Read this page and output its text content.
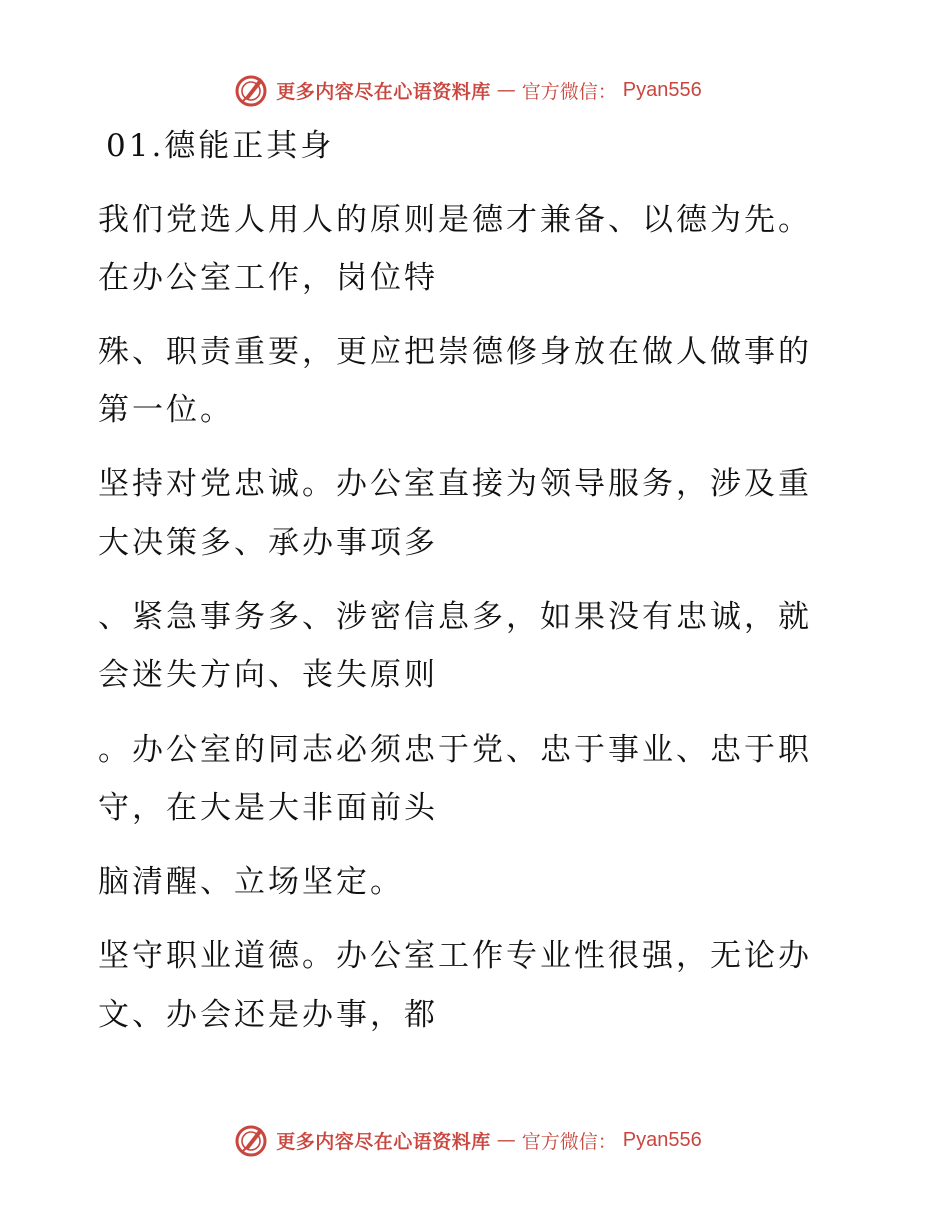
更多内容尽在心语资料库 — 官方微信： Pyan556
01.德能正其身
我们党选人用人的原则是德才兼备、以德为先。
在办公室工作，岗位特
殊、职责重要，更应把崇德修身放在做人做事的
第一位。
坚持对党忠诚。办公室直接为领导服务，涉及重
大决策多、承办事项多
、紧急事务多、涉密信息多，如果没有忠诚，就
会迷失方向、丧失原则
。办公室的同志必须忠于党、忠于事业、忠于职
守，在大是大非面前头
脑清醒、立场坚定。
坚守职业道德。办公室工作专业性很强，无论办
文、办会还是办事，都
更多内容尽在心语资料库 — 官方微信： Pyan556
